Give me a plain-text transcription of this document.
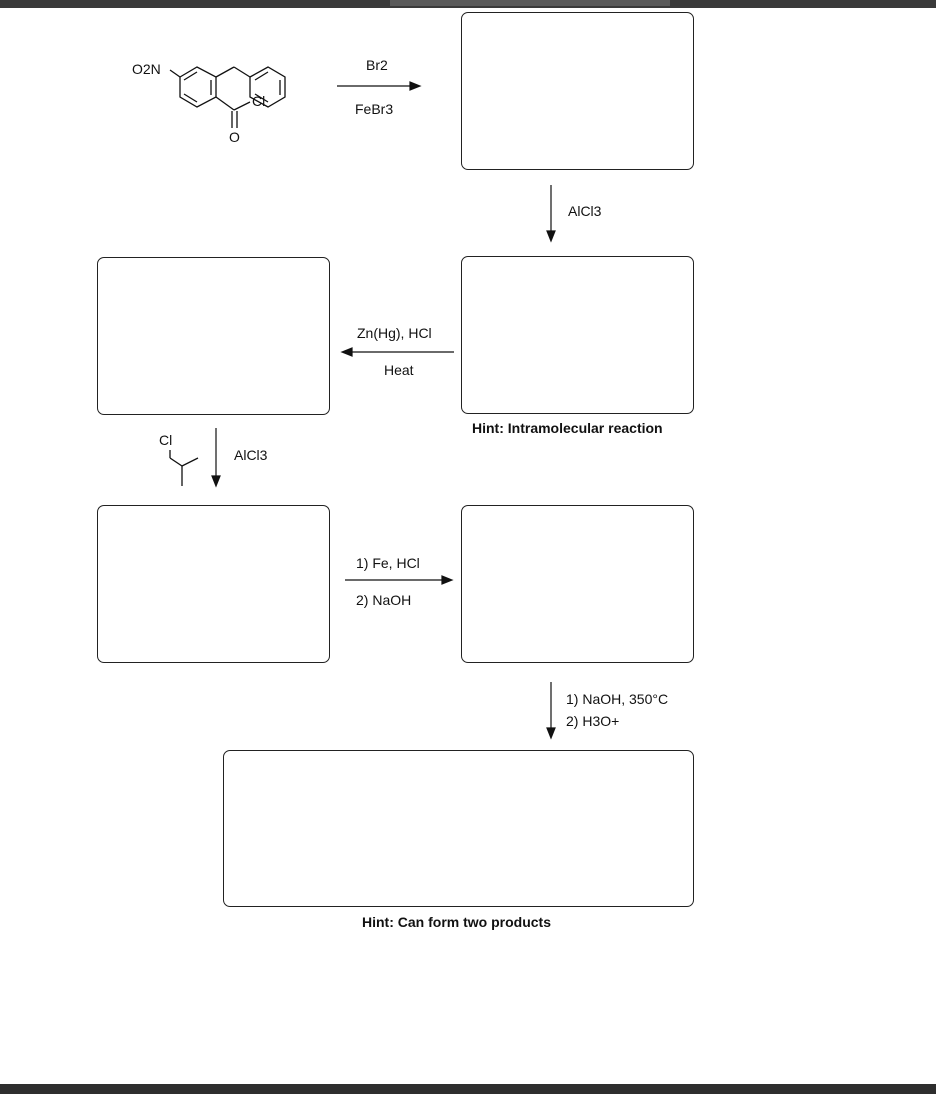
O2N
Cl
O
Cl
Br2
FeBr3
AlCl3
Zn(Hg), HCl
Heat
AlCl3
1) Fe, HCl
2) NaOH
1) NaOH, 350°C
2) H3O+
Hint: Intramolecular reaction
Hint: Can form two products
